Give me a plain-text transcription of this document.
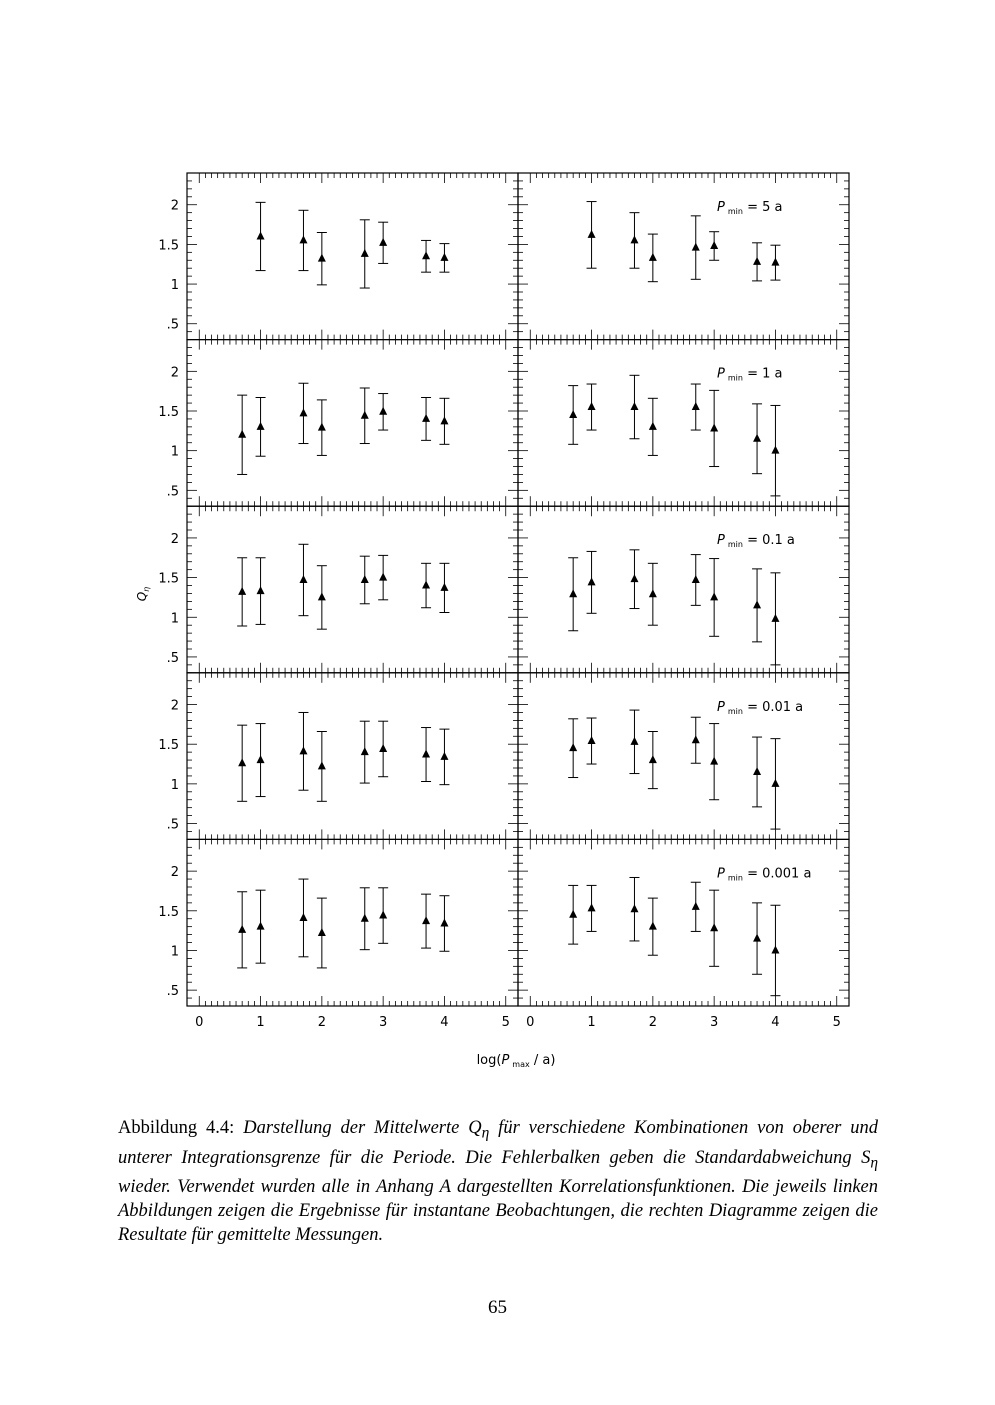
.5
1
1.5
2	P $_{min}$ = 5 a
.5
1
1.5
2	P $_{min}$ = 1 a
.5
1
1.5
2	P $_{min}$ = 0.1 a
.5
1
1.5
2	P $_{min}$ = 0.01 a
.5
1
1.5
2
0	1	2	3	4	5 0	1	2	3	4	5
P $_{min}$ = 0.001 a
$Q_\eta$
log(P $_{max}$ / a)
Abbildung 4.4: Darstellung der Mittelwerte $Q_\eta$ für verschiedene Kombinationen von oberer und unterer Integrationsgrenze für die Periode. Die Fehlerbalken geben die Standardabweichung $S_\eta$ wieder. Verwendet wurden alle in Anhang A dargestellten Korrelationsfunktionen. Die jeweils linken Abbildungen zeigen die Ergebnisse für instantane Beobachtungen, die rechten Diagramme zeigen die Resultate für gemittelte Messungen.
65
